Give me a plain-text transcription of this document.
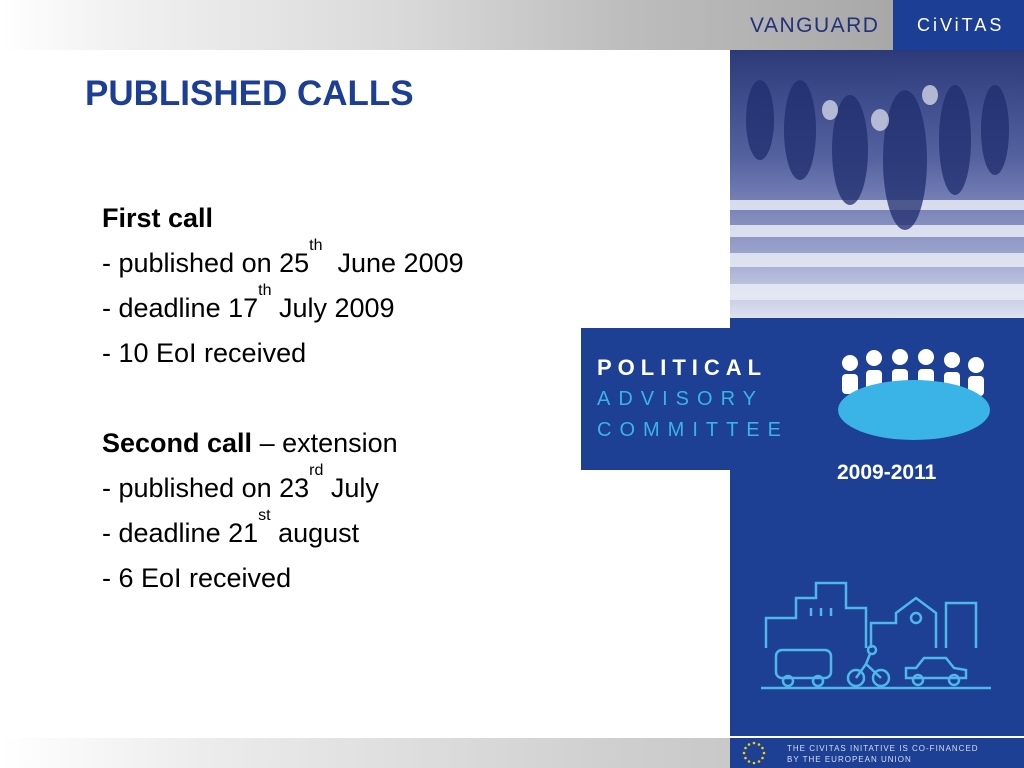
VANGUARD CiViTAS
PUBLISHED CALLS
First call
- published on 25th  June 2009
- deadline 17th July 2009
- 10 EoI received
Second call – extension
- published on 23rd July
- deadline 21st august
- 6 EoI received
POLITICAL
ADVISORY
COMMITTEE
2009-2011
THE CIVITAS INITATIVE IS CO-FINANCED
BY THE EUROPEAN UNION
